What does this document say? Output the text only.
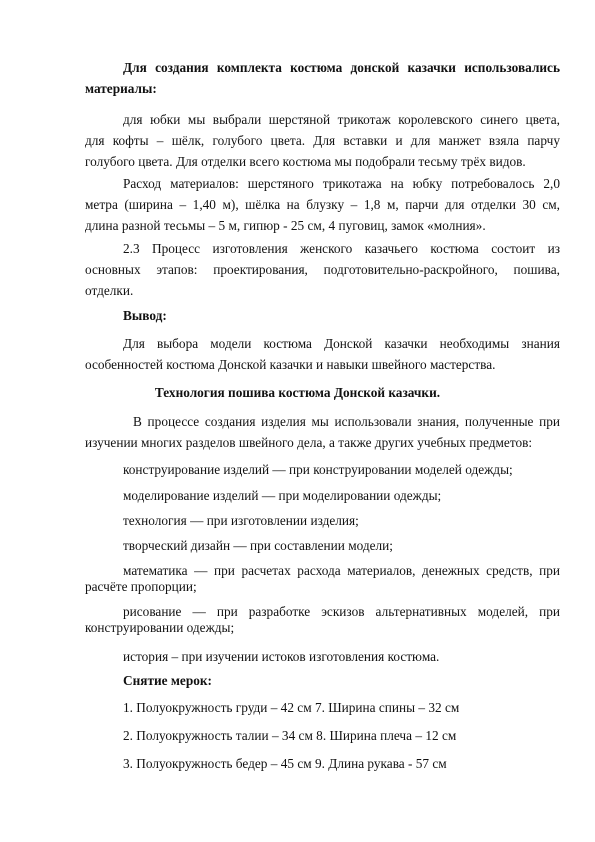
Для создания комплекта костюма донской казачки использовались
материалы:

для юбки мы выбрали шерстяной трикотаж королевского синего цвета,
для кофты – шёлк, голубого цвета. Для вставки и для манжет взяла парчу
голубого цвета. Для отделки всего костюма мы подобрали тесьму трёх видов.

Расход материалов: шерстяного трикотажа на юбку потребовалось 2,0
метра (ширина – 1,40 м), шёлка на блузку – 1,8 м, парчи для отделки 30 см,
длина разной тесьмы – 5 м, гипюр - 25 см, 4 пуговиц, замок «молния».

2.3 Процесс изготовления женского казачьего костюма состоит из
основных этапов: проектирования, подготовительно-раскройного, пошива,
отделки.

Вывод:

Для выбора модели костюма Донской казачки необходимы знания
особенностей костюма Донской казачки и навыки швейного мастерства.

Технология пошива костюма Донской казачки.

В процессе создания изделия мы использовали знания, полученные при
изучении многих разделов швейного дела, а также других учебных предметов:

конструирование изделий — при конструировании моделей одежды;
моделирование изделий — при моделировании одежды;
технология — при изготовлении изделия;
творческий дизайн — при составлении модели;
математика — при расчетах расхода материалов, денежных средств, при
расчёте пропорции;
рисование — при разработке эскизов альтернативных моделей, при
конструировании одежды;
история – при изучении истоков изготовления костюма.

Снятие мерок:

1. Полуокружность груди – 42 см 7. Ширина спины – 32 см
2. Полуокружность талии – 34 см 8. Ширина плеча – 12 см
3. Полуокружность бедер – 45 см 9. Длина рукава - 57 см
